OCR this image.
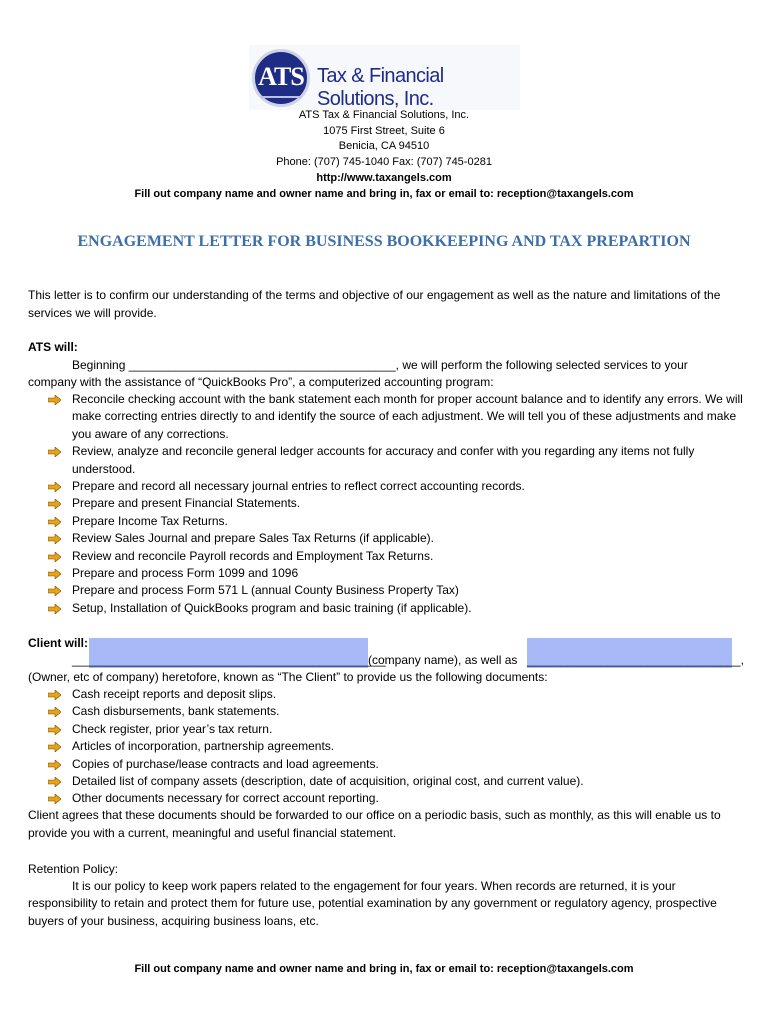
ATS Tax & Financial Solutions, Inc.
ATS Tax & Financial Solutions, Inc.
1075 First Street, Suite 6
Benicia, CA 94510
Phone: (707) 745-1040 Fax: (707) 745-0281
http://www.taxangels.com
Fill out company name and owner name and bring in, fax or email to: reception@taxangels.com
ENGAGEMENT LETTER FOR BUSINESS BOOKKEEPING AND TAX PREPARTION
This letter is to confirm our understanding of the terms and objective of our engagement as well as the nature and limitations of the services we will provide.
ATS will:
Beginning ________________________________________, we will perform the following selected services to your
company with the assistance of “QuickBooks Pro”, a computerized accounting program:
Reconcile checking account with the bank statement each month for proper account balance and to identify any errors. We will make correcting entries directly to and identify the source of each adjustment. We will tell you of these adjustments and make you aware of any corrections.
Review, analyze and reconcile general ledger accounts for accuracy and confer with you regarding any items not fully understood.
Prepare and record all necessary journal entries to reflect correct accounting records.
Prepare and present Financial Statements.
Prepare Income Tax Returns.
Review Sales Journal and prepare Sales Tax Returns (if applicable).
Review and reconcile Payroll records and Employment Tax Returns.
Prepare and process Form 1099 and 1096
Prepare and process Form 571 L (annual County Business Property Tax)
Setup, Installation of QuickBooks program and basic training (if applicable).
Client will:
_______________________________________________
(company name), as well as ________________________________,
(Owner, etc of company) heretofore, known as “The Client” to provide us the following documents:
Cash receipt reports and deposit slips.
Cash disbursements, bank statements.
Check register, prior year’s tax return.
Articles of incorporation, partnership agreements.
Copies of purchase/lease contracts and load agreements.
Detailed list of company assets (description, date of acquisition, original cost, and current value).
Other documents necessary for correct account reporting.
Client agrees that these documents should be forwarded to our office on a periodic basis, such as monthly, as this will enable us to provide you with a current, meaningful and useful financial statement.
Retention Policy:
It is our policy to keep work papers related to the engagement for four years. When records are returned, it is your
responsibility to retain and protect them for future use, potential examination by any government or regulatory agency, prospective buyers of your business, acquiring business loans, etc.
Fill out company name and owner name and bring in, fax or email to: reception@taxangels.com
